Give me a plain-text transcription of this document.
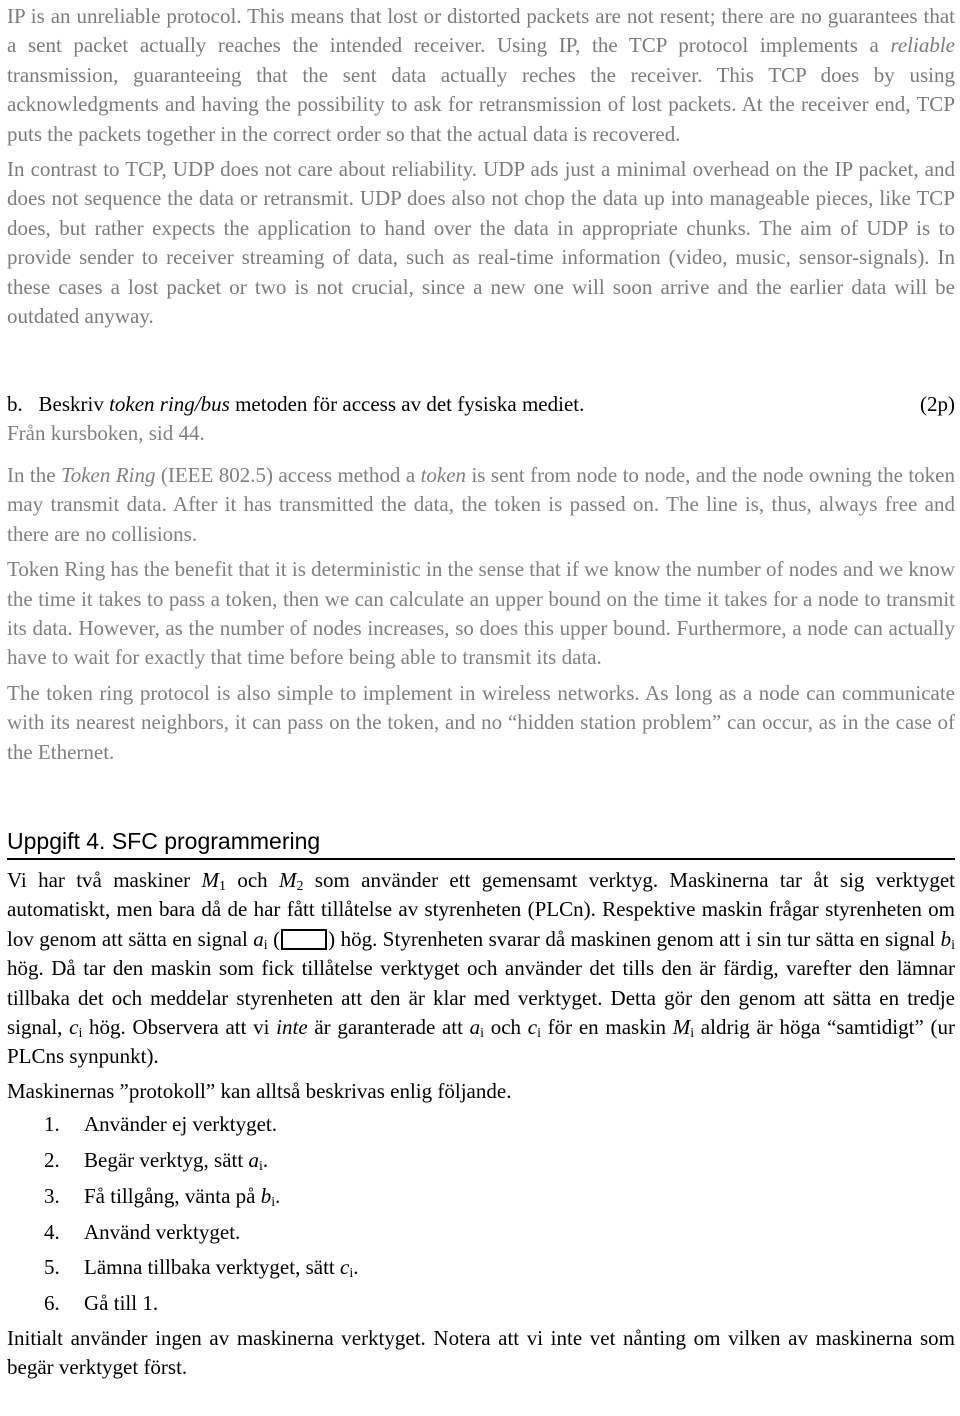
IP is an unreliable protocol. This means that lost or distorted packets are not resent; there are no guarantees that a sent packet actually reaches the intended receiver. Using IP, the TCP protocol implements a reliable transmission, guaranteeing that the sent data actually reches the receiver. This TCP does by using acknowledgments and having the possibility to ask for retransmission of lost packets. At the receiver end, TCP puts the packets together in the correct order so that the actual data is recovered.

In contrast to TCP, UDP does not care about reliability. UDP ads just a minimal overhead on the IP packet, and does not sequence the data or retransmit. UDP does also not chop the data up into manageable pieces, like TCP does, but rather expects the application to hand over the data in appropriate chunks. The aim of UDP is to provide sender to receiver streaming of data, such as real-time information (video, music, sensor-signals). In these cases a lost packet or two is not crucial, since a new one will soon arrive and the earlier data will be outdated anyway.

b. Beskriv token ring/bus metoden för access av det fysiska mediet.	(2p)
Från kursboken, sid 44.

In the Token Ring (IEEE 802.5) access method a token is sent from node to node, and the node owning the token may transmit data. After it has transmitted the data, the token is passed on. The line is, thus, always free and there are no collisions.

Token Ring has the benefit that it is deterministic in the sense that if we know the number of nodes and we know the time it takes to pass a token, then we can calculate an upper bound on the time it takes for a node to transmit its data. However, as the number of nodes increases, so does this upper bound. Furthermore, a node can actually have to wait for exactly that time before being able to transmit its data.

The token ring protocol is also simple to implement in wireless networks. As long as a node can communicate with its nearest neighbors, it can pass on the token, and no “hidden station problem” can occur, as in the case of the Ethernet.

Uppgift 4. SFC programmering

Vi har två maskiner $M_1$ och $M_2$ som använder ett gemensamt verktyg. Maskinerna tar åt sig verktyget automatiskt, men bara då de har fått tillåtelse av styrenheten (PLCn). Respektive maskin frågar styrenheten om lov genom att sätta en signal $a_i$ ( ) hög. Styrenheten svarar då maskinen genom att i sin tur sätta en signal $b_i$ hög. Då tar den maskin som fick tillåtelse verktyget och använder det tills den är färdig, varefter den lämnar tillbaka det och meddelar styrenheten att den är klar med verktyget. Detta gör den genom att sätta en tredje signal, $c_i$ hög. Observera att vi inte är garanterade att $a_i$ och $c_i$ för en maskin $M_i$ aldrig är höga “samtidigt” (ur PLCns synpunkt).

Maskinernas ”protokoll” kan alltså beskrivas enlig följande.

1.	Använder ej verktyget.
2.	Begär verktyg, sätt $a_i$.
3.	Få tillgång, vänta på $b_i$.
4.	Använd verktyget.
5.	Lämna tillbaka verktyget, sätt $c_i$.
6.	Gå till 1.

Initialt använder ingen av maskinerna verktyget. Notera att vi inte vet nånting om vilken av maskinerna som begär verktyget först.
